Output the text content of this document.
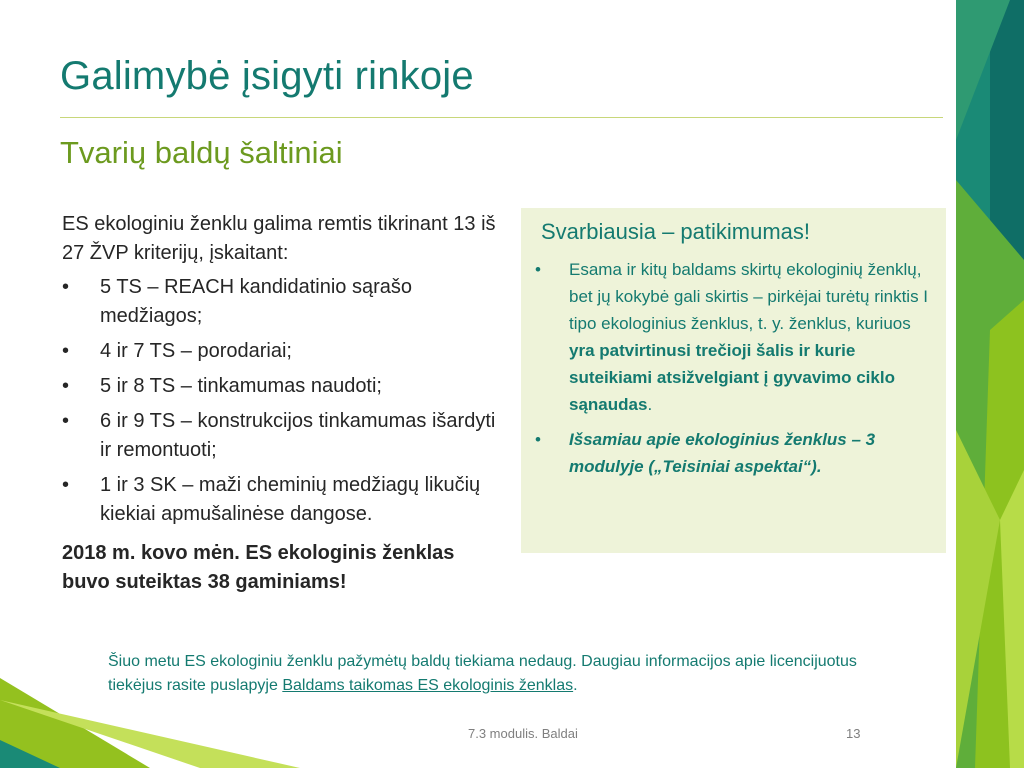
Galimybė įsigyti rinkoje
Tvarių baldų šaltiniai

ES ekologiniu ženklu galima remtis tikrinant 13 iš 27 ŽVP kriterijų, įskaitant:

• 5 TS – REACH kandidatinio sąrašo medžiagos;
• 4 ir 7 TS – porodariai;
• 5 ir 8 TS – tinkamumas naudoti;
• 6 ir 9 TS – konstrukcijos tinkamumas išardyti ir remontuoti;
• 1 ir 3 SK – maži cheminių medžiagų likučių kiekiai apmušalinėse dangose.

2018 m. kovo mėn. ES ekologinis ženklas buvo suteiktas 38 gaminiams!

Svarbiausia – patikimumas!
• Esama ir kitų baldams skirtų ekologinių ženklų, bet jų kokybė gali skirtis – pirkėjai turėtų rinktis I tipo ekologinius ženklus, t. y. ženklus, kuriuos yra patvirtinusi trečioji šalis ir kurie suteikiami atsižvelgiant į gyvavimo ciklo sąnaudas.
• Išsamiau apie ekologinius ženklus – 3 modulyje („Teisiniai aspektai“).

Šiuo metu ES ekologiniu ženklu pažymėtų baldų tiekiama nedaug. Daugiau informacijos apie licencijuotus tiekėjus rasite puslapyje Baldams taikomas ES ekologinis ženklas.

7.3 modulis. Baldai	13
